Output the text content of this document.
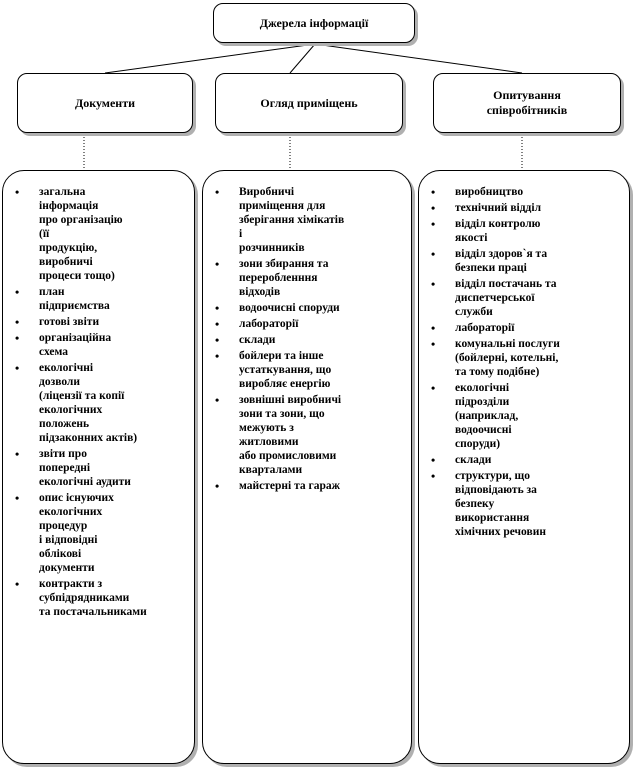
Джерела інформації
Документи	Огляд приміщень
Опитування
співробітників
• загальна
інформація
про організацію
(її
продукцію,
виробничі
процеси тощо)
• план
підприємства
• готові звіти
• організаційна
схема
• екологічні
дозволи
(ліцензії та копії
екологічних
положень
підзаконних актів)
• звіти про
попередні
екологічні аудити
• опис існуючих
екологічних
процедур
і відповідні
облікові
документи
• контракти з
субпідрядниками
та постачальниками
• Виробничі
приміщення для
зберігання хімікатів
і
розчинників
• зони збирання та
переробленння
відходів
• водоочисні споруди
• лабораторії
• склади
• бойлери та інше
устаткування, що
виробляє енергію
• зовнішні виробничі
зони та зони, що
межують з
житловими
або промисловими
кварталами
• майстерні та гараж
• виробництво
• технічний відділ
• відділ контролю
якості
• відділ здоров`я та
безпеки праці
• відділ постачань та
диспетчерської
служби
• лабораторії
• комунальні послуги
(бойлерні, котельні,
та тому подібне)
• екологічні
підрозділи
(наприклад,
водоочисні
споруди)
• склади
• структури, що
відповідають за
безпеку
використання
хімічних речовин
